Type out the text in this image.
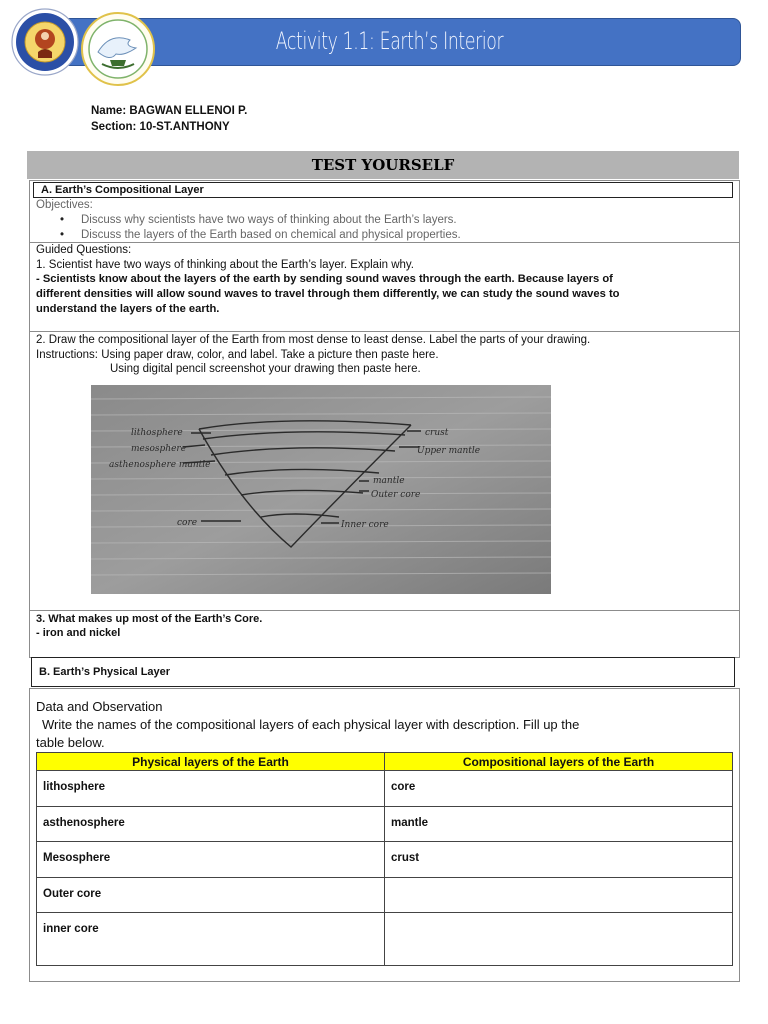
Activity 1.1: Earth’s Interior
Name: BAGWAN ELLENOI P.
Section: 10-ST.ANTHONY
TEST YOURSELF
A. Earth’s Compositional Layer
Objectives:
• Discuss why scientists have two ways of thinking about the Earth’s layers.
• Discuss the layers of the Earth based on chemical and physical properties.
Guided Questions:
1. Scientist have two ways of thinking about the Earth’s layer. Explain why.
- Scientists know about the layers of the earth by sending sound waves through the earth. Because layers of
different densities will allow sound waves to travel through them differently, we can study the sound waves to
understand the layers of the earth.
2. Draw the compositional layer of the Earth from most dense to least dense. Label the parts of your drawing.
Instructions: Using paper draw, color, and label. Take a picture then paste here.
Using digital pencil screenshot your drawing then paste here.
lithosphere
mesosphere
asthenosphere mantle
core
crust
Upper mantle
mantle
Outer core
Inner core
3. What makes up most of the Earth’s Core.
- iron and nickel
B. Earth’s Physical Layer
Data and Observation
Write the names of the compositional layers of each physical layer with description. Fill up the
table below.
Physical layers of the Earth	Compositional layers of the Earth
lithosphere	core
asthenosphere	mantle
Mesosphere	crust
Outer core	
inner core	
